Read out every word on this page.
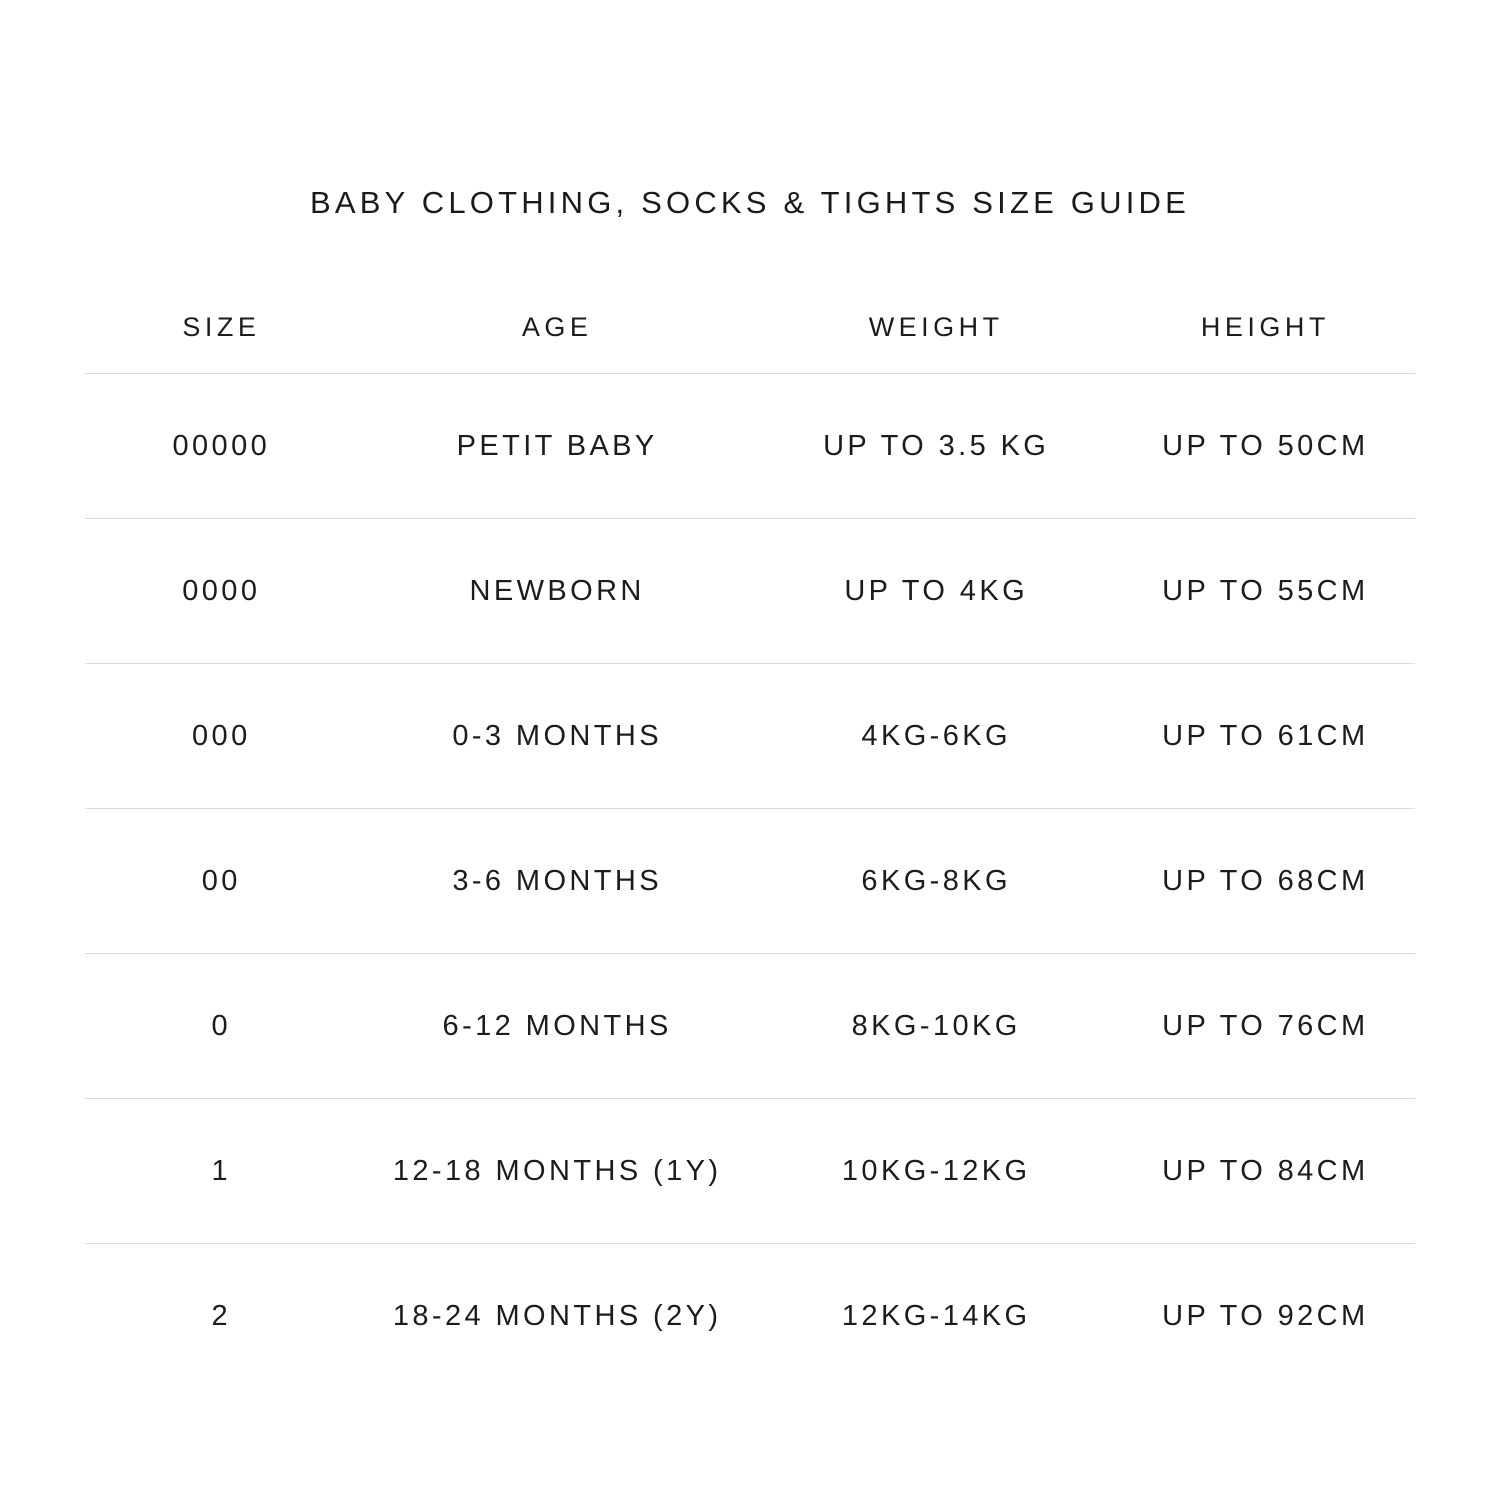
BABY CLOTHING, SOCKS & TIGHTS SIZE GUIDE
SIZE	AGE	WEIGHT	HEIGHT
00000	PETIT BABY	UP TO 3.5 KG	UP TO 50CM
0000	NEWBORN	UP TO 4KG	UP TO 55CM
000	0-3 MONTHS	4KG-6KG	UP TO 61CM
00	3-6 MONTHS	6KG-8KG	UP TO 68CM
0	6-12 MONTHS	8KG-10KG	UP TO 76CM
1	12-18 MONTHS (1Y)	10KG-12KG	UP TO 84CM
2	18-24 MONTHS (2Y)	12KG-14KG	UP TO 92CM
